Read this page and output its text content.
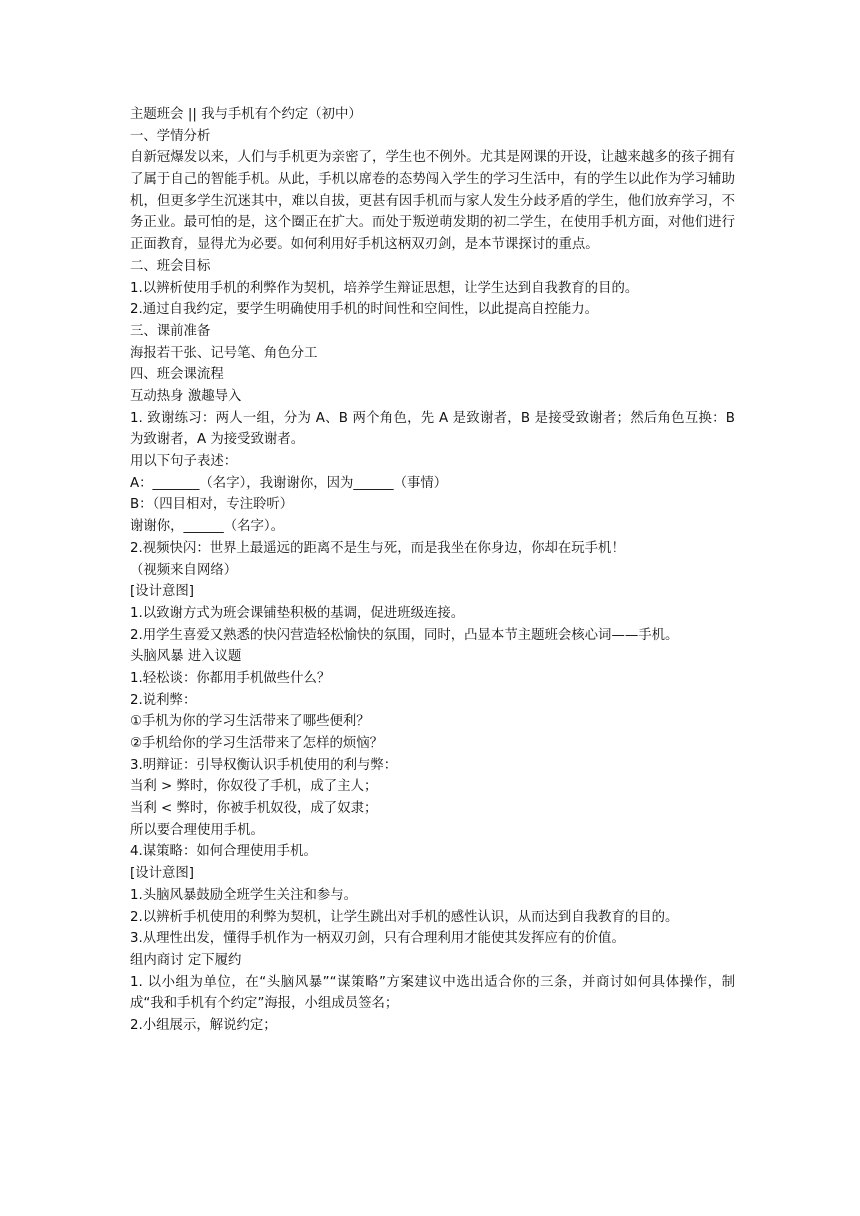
主题班会 || 我与手机有个约定（初中）
一、学情分析

自新冠爆发以来，人们与手机更为亲密了，学生也不例外。尤其是网课的开设，让越来越多的孩子拥有了属于自己的智能手机。从此，手机以席卷的态势闯入学生的学习生活中，有的学生以此作为学习辅助机，但更多学生沉迷其中，难以自拔，更甚有因手机而与家人发生分歧矛盾的学生，他们放弃学习，不务正业。最可怕的是，这个圈正在扩大。而处于叛逆萌发期的初二学生，在使用手机方面，对他们进行正面教育，显得尤为必要。如何利用好手机这柄双刃剑，是本节课探讨的重点。

二、班会目标
1.以辨析使用手机的利弊作为契机，培养学生辩证思想，让学生达到自我教育的目的。
2.通过自我约定，要学生明确使用手机的时间性和空间性，以此提高自控能力。
三、课前准备
海报若干张、记号笔、角色分工
四、班会课流程
互动热身 激趣导入

1. 致谢练习：两人一组，分为 A、B 两个角色，先 A 是致谢者，B 是接受致谢者；然后角色互换：B 为致谢者，A 为接受致谢者。

用以下句子表述：
A：_______（名字），我谢谢你，因为______（事情）
B：（四目相对，专注聆听）
谢谢你，______（名字）。
2.视频快闪：世界上最遥远的距离不是生与死，而是我坐在你身边，你却在玩手机！
（视频来自网络）
[设计意图]
1.以致谢方式为班会课铺垫积极的基调，促进班级连接。
2.用学生喜爱又熟悉的快闪营造轻松愉快的氛围，同时，凸显本节主题班会核心词——手机。
头脑风暴 进入议题
1.轻松谈：你都用手机做些什么？
2.说利弊：
①手机为你的学习生活带来了哪些便利？
②手机给你的学习生活带来了怎样的烦恼？
3.明辩证：引导权衡认识手机使用的利与弊：
当利 > 弊时，你奴役了手机，成了主人；
当利 < 弊时，你被手机奴役，成了奴隶；
所以要合理使用手机。
4.谋策略：如何合理使用手机。
[设计意图]
1.头脑风暴鼓励全班学生关注和参与。
2.以辨析手机使用的利弊为契机，让学生跳出对手机的感性认识，从而达到自我教育的目的。
3.从理性出发，懂得手机作为一柄双刃剑，只有合理利用才能使其发挥应有的价值。
组内商讨 定下履约

1. 以小组为单位，在“头脑风暴”“谋策略”方案建议中选出适合你的三条，并商讨如何具体操作，制成“我和手机有个约定”海报，小组成员签名；

2.小组展示，解说约定；
